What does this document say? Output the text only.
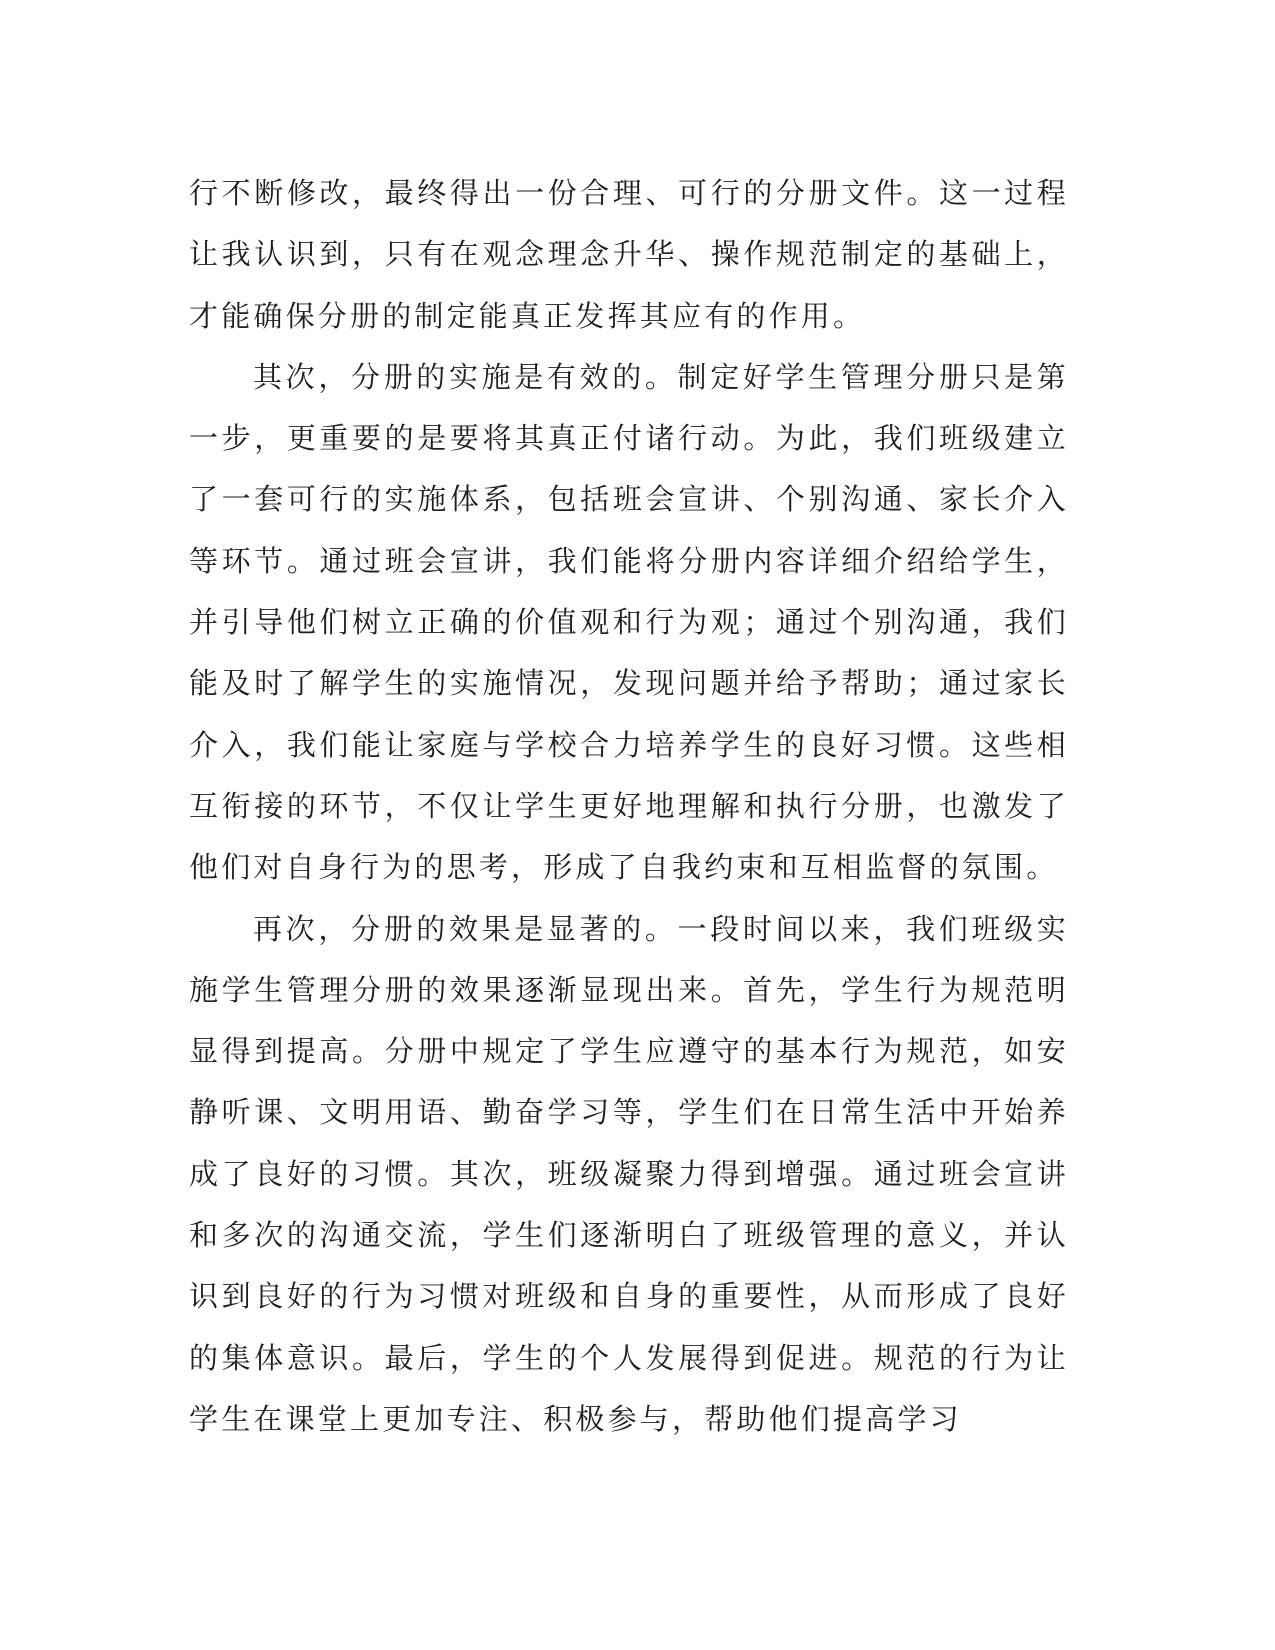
行不断修改，最终得出一份合理、可行的分册文件。这一过程让我认识到，只有在观念理念升华、操作规范制定的基础上，才能确保分册的制定能真正发挥其应有的作用。

其次，分册的实施是有效的。制定好学生管理分册只是第一步，更重要的是要将其真正付诸行动。为此，我们班级建立了一套可行的实施体系，包括班会宣讲、个别沟通、家长介入等环节。通过班会宣讲，我们能将分册内容详细介绍给学生，并引导他们树立正确的价值观和行为观；通过个别沟通，我们能及时了解学生的实施情况，发现问题并给予帮助；通过家长介入，我们能让家庭与学校合力培养学生的良好习惯。这些相互衔接的环节，不仅让学生更好地理解和执行分册，也激发了他们对自身行为的思考，形成了自我约束和互相监督的氛围。

再次，分册的效果是显著的。一段时间以来，我们班级实施学生管理分册的效果逐渐显现出来。首先，学生行为规范明显得到提高。分册中规定了学生应遵守的基本行为规范，如安静听课、文明用语、勤奋学习等，学生们在日常生活中开始养成了良好的习惯。其次，班级凝聚力得到增强。通过班会宣讲和多次的沟通交流，学生们逐渐明白了班级管理的意义，并认识到良好的行为习惯对班级和自身的重要性，从而形成了良好的集体意识。最后，学生的个人发展得到促进。规范的行为让学生在课堂上更加专注、积极参与，帮助他们提高学习
